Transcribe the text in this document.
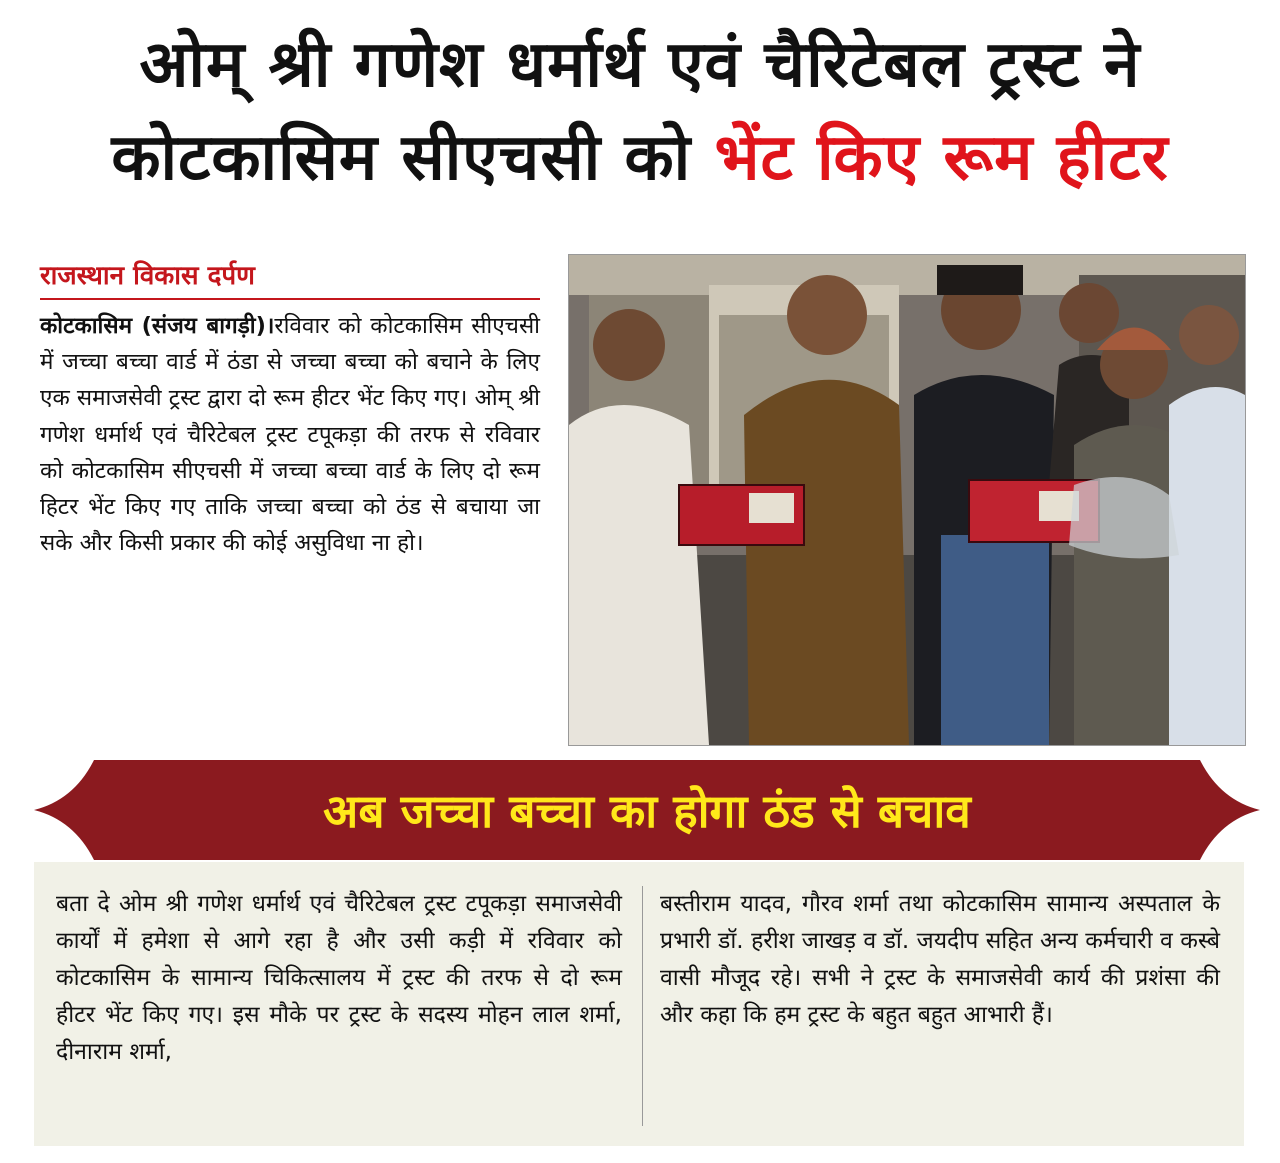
ओम् श्री गणेश धर्मार्थ एवं चैरिटेबल ट्रस्ट ने
कोटकासिम सीएचसी को भेंट किए रूम हीटर
राजस्थान विकास दर्पण
कोटकासिम (संजय बागड़ी)।रविवार को कोटकासिम सीएचसी में जच्चा बच्चा वार्ड में ठंडा से जच्चा बच्चा को बचाने के लिए एक समाजसेवी ट्रस्ट द्वारा दो रूम हीटर भेंट किए गए। ओम् श्री गणेश धर्मार्थ एवं चैरिटेबल ट्रस्ट टपूकड़ा की तरफ से रविवार को कोटकासिम सीएचसी में जच्चा बच्चा वार्ड के लिए दो रूम हिटर भेंट किए गए ताकि जच्चा बच्चा को ठंड से बचाया जा सके और किसी प्रकार की कोई असुविधा ना हो।
अब जच्चा बच्चा का होगा ठंड से बचाव
बता दे ओम श्री गणेश धर्मार्थ एवं चैरिटेबल ट्रस्ट टपूकड़ा समाजसेवी कार्यों में हमेशा से आगे रहा है और उसी कड़ी में रविवार को कोटकासिम के सामान्य चिकित्सालय में ट्रस्ट की तरफ से दो रूम हीटर भेंट किए गए। इस मौके पर ट्रस्ट के सदस्य मोहन लाल शर्मा, दीनाराम शर्मा,
बस्तीराम यादव, गौरव शर्मा तथा कोटकासिम सामान्य अस्पताल के प्रभारी डॉ. हरीश जाखड़ व डॉ. जयदीप सहित अन्य कर्मचारी व कस्बे वासी मौजूद रहे। सभी ने ट्रस्ट के समाजसेवी कार्य की प्रशंसा की और कहा कि हम ट्रस्ट के बहुत बहुत आभारी हैं।
